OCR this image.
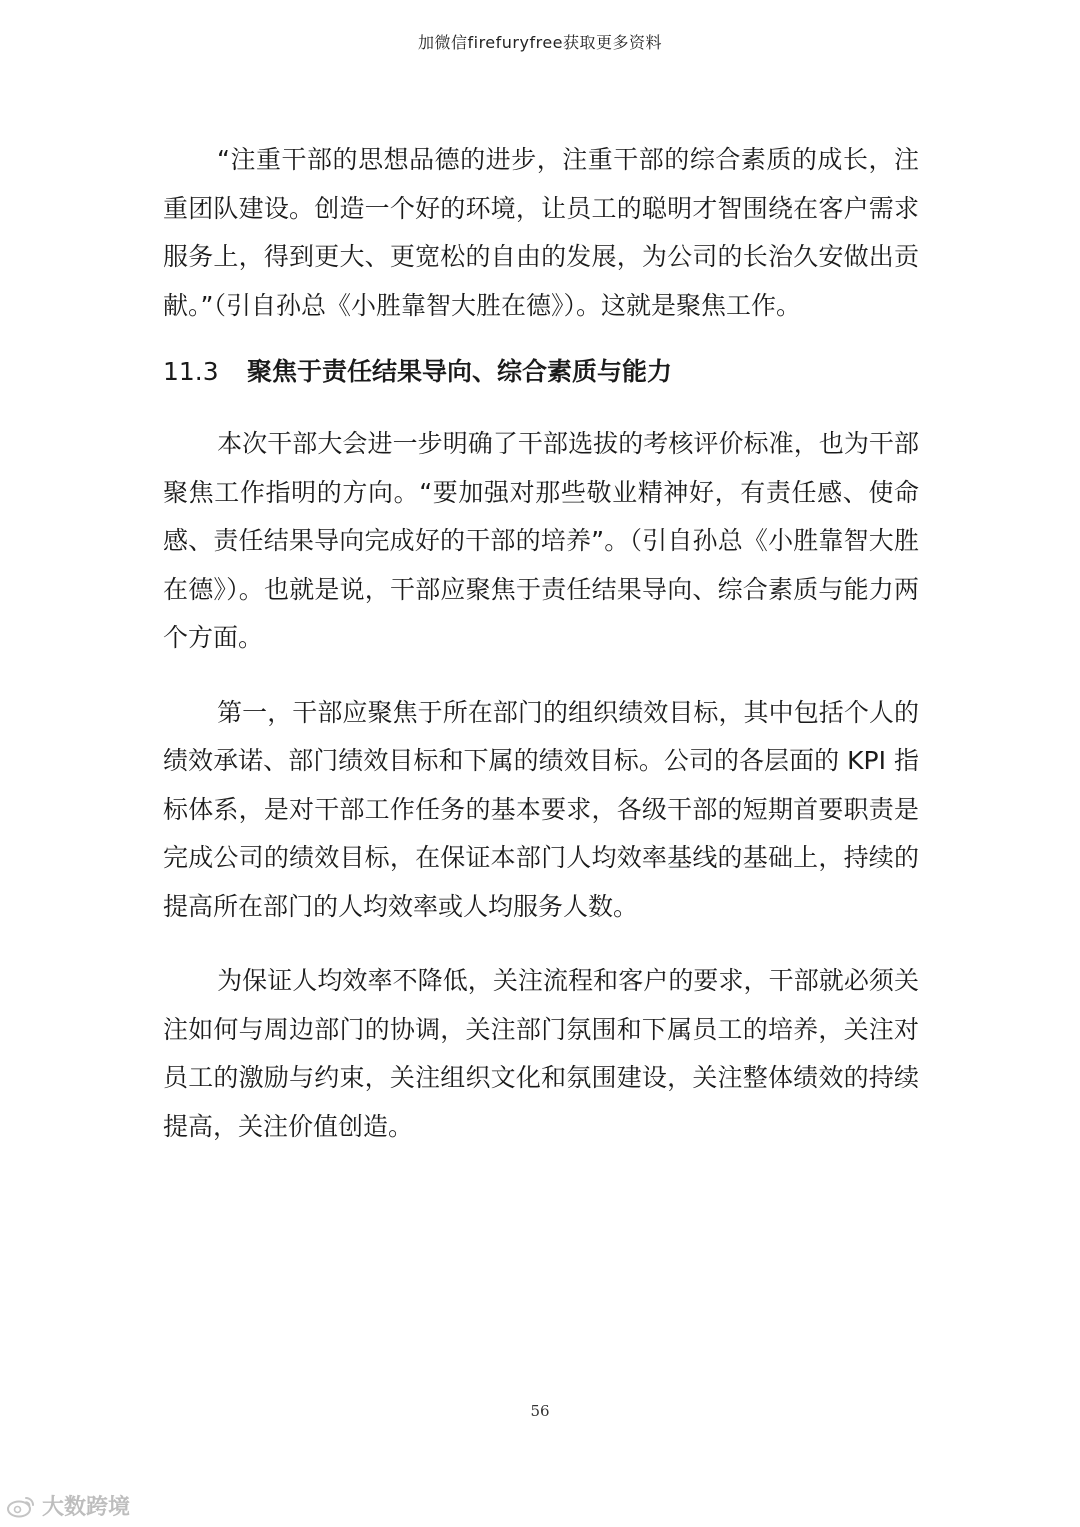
加微信firefuryfree获取更多资料

“注重干部的思想品德的进步，注重干部的综合素质的成长，注重团队建设。创造一个好的环境，让员工的聪明才智围绕在客户需求服务上，得到更大、更宽松的自由的发展，为公司的长治久安做出贡献。”（引自孙总《小胜靠智大胜在德》）。这就是聚焦工作。

11.3 聚焦于责任结果导向、综合素质与能力

本次干部大会进一步明确了干部选拔的考核评价标准，也为干部聚焦工作指明的方向。“要加强对那些敬业精神好，有责任感、使命感、责任结果导向完成好的干部的培养”。（引自孙总《小胜靠智大胜在德》）。也就是说，干部应聚焦于责任结果导向、综合素质与能力两个方面。

第一，干部应聚焦于所在部门的组织绩效目标，其中包括个人的绩效承诺、部门绩效目标和下属的绩效目标。公司的各层面的 KPI 指标体系，是对干部工作任务的基本要求，各级干部的短期首要职责是完成公司的绩效目标，在保证本部门人均效率基线的基础上，持续的提高所在部门的人均效率或人均服务人数。

为保证人均效率不降低，关注流程和客户的要求，干部就必须关注如何与周边部门的协调，关注部门氛围和下属员工的培养，关注对员工的激励与约束，关注组织文化和氛围建设，关注整体绩效的持续提高，关注价值创造。

56
大数跨境
